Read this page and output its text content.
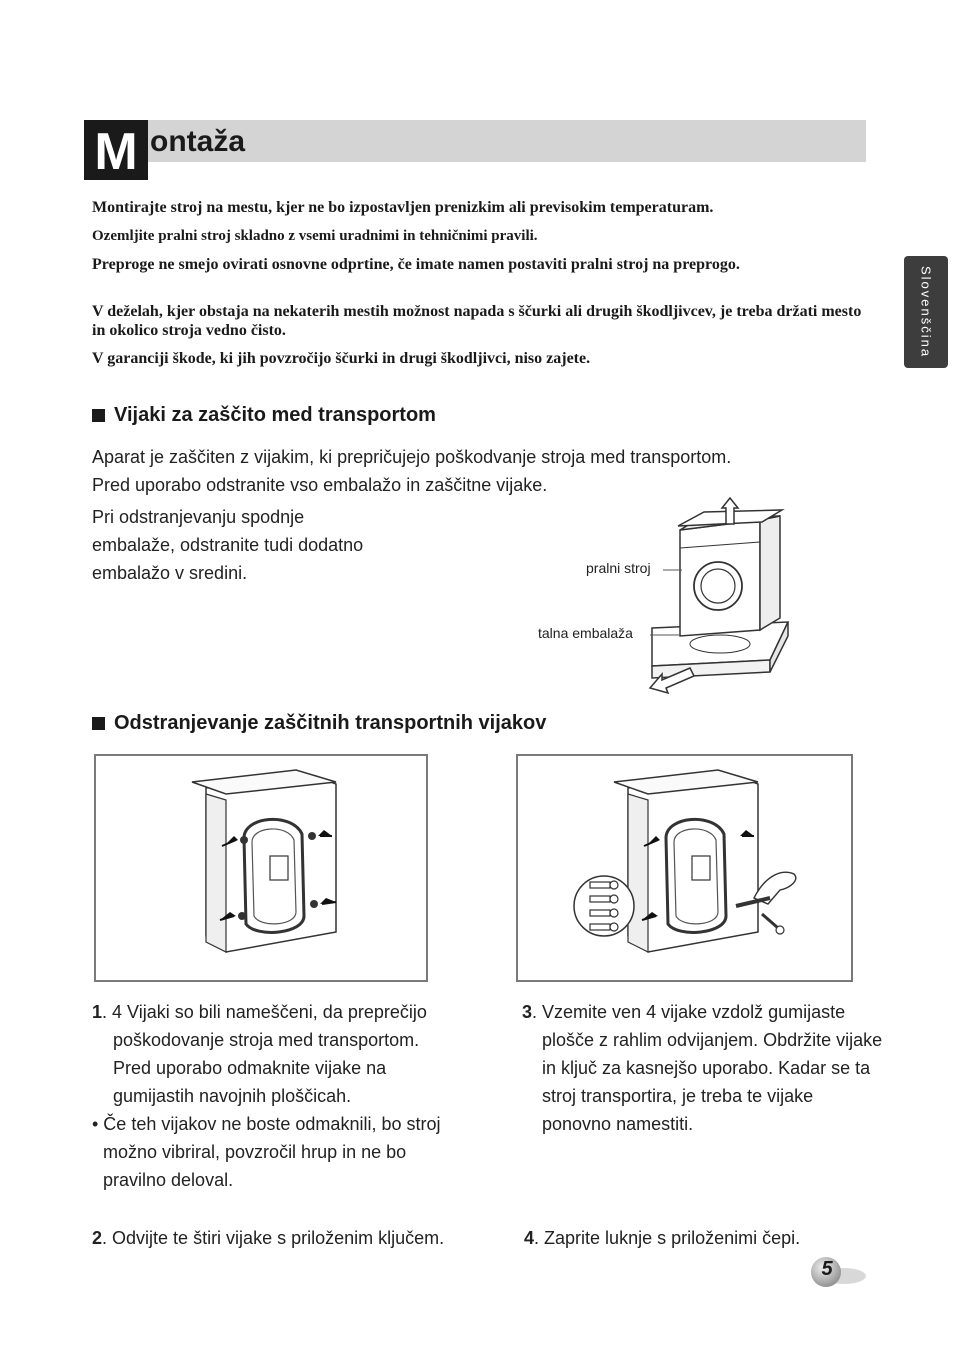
M ontaža
Slovenščina

Montirajte stroj na mestu, kjer ne bo izpostavljen prenizkim ali previsokim temperaturam.

Ozemljite pralni stroj skladno z vsemi uradnimi in tehničnimi pravili.

Preproge ne smejo ovirati osnovne odprtine, če imate namen postaviti pralni stroj na preprogo.

V deželah, kjer obstaja na nekaterih mestih možnost napada s ščurki ali drugih škodljivcev, je treba držati mesto in okolico stroja vedno čisto.

V garanciji škode, ki jih povzročijo ščurki in drugi škodljivci, niso zajete.

Vijaki za zaščito med transportom

Aparat je zaščiten z vijakim, ki prepričujejo poškodvanje stroja med transportom.

Pred uporabo odstranite vso embalažo in zaščitne vijake.

Pri odstranjevanju spodnje

embalaže, odstranite tudi dodatno

embalažo v sredini.	pralni stroj
talna embalaža
Odstranjevanje zaščitnih transportnih vijakov

1. 4 Vijaki so bili nameščeni, da preprečijo

poškodovanje stroja med transportom.

Pred uporabo odmaknite vijake na

gumijastih navojnih ploščicah.

• Če teh vijakov ne boste odmaknili, bo stroj

možno vibriral, povzročil hrup in ne bo

pravilno deloval.

2. Odvijte te štiri vijake s priloženim ključem.

3. Vzemite ven 4 vijake vzdolž gumijaste

plošče z rahlim odvijanjem. Obdržite vijake

in ključ za kasnejšo uporabo. Kadar se ta

stroj transportira, je treba te vijake

ponovno namestiti.

4. Zaprite luknje s priloženimi čepi.

5
